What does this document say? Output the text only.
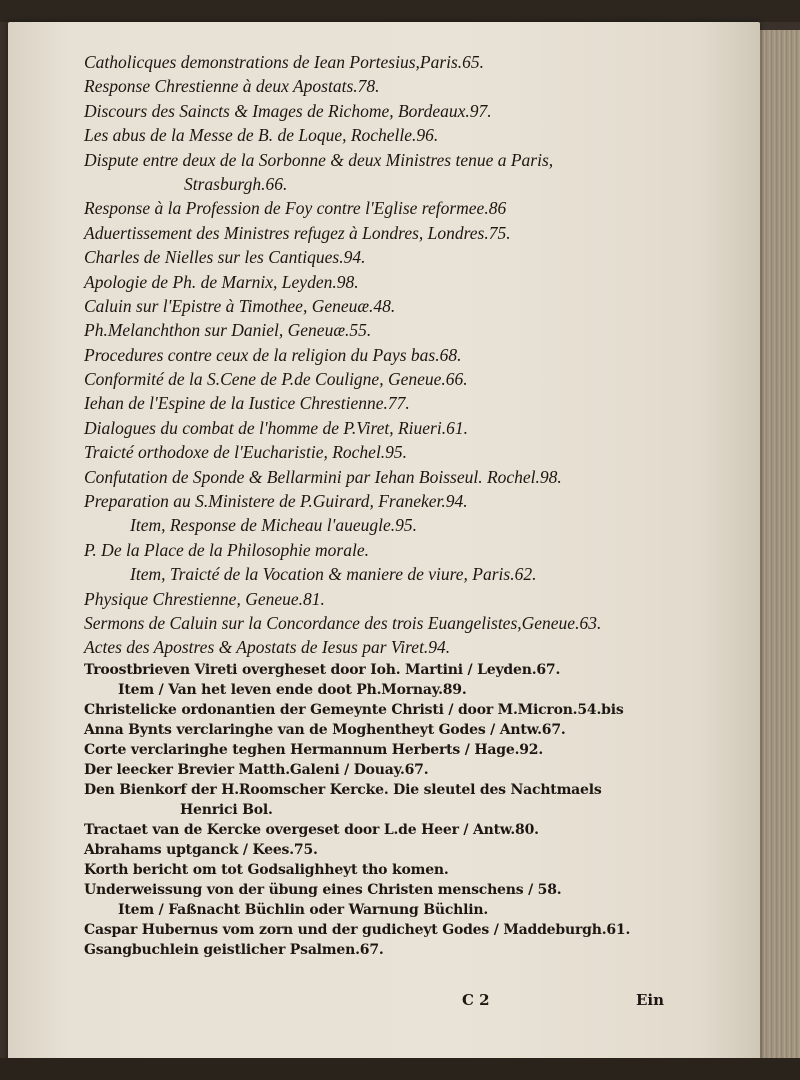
Catholicques demonstrations de Iean Portesius,Paris.65.
Response Chrestienne à deux Apostats.78.
Discours des Saincts & Images de Richome, Bordeaux.97.
Les abus de la Messe de B. de Loque, Rochelle.96.
Dispute entre deux de la Sorbonne & deux Ministres tenue a Paris,
Strasburgh.66.
Response à la Profession de Foy contre l'Eglise reformee.86
Aduertissement des Ministres refugez à Londres, Londres.75.
Charles de Nielles sur les Cantiques.94.
Apologie de Ph. de Marnix, Leyden.98.
Caluin sur l'Epistre à Timothee, Geneuæ.48.
Ph.Melanchthon sur Daniel, Geneuæ.55.
Procedures contre ceux de la religion du Pays bas.68.
Conformité de la S.Cene de P.de Couligne, Geneue.66.
Iehan de l'Espine de la Iustice Chrestienne.77.
Dialogues du combat de l'homme de P.Viret, Riueri.61.
Traicté orthodoxe de l'Eucharistie, Rochel.95.
Confutation de Sponde & Bellarmini par Iehan Boisseul. Rochel.98.
Preparation au S.Ministere de P.Guirard, Franeker.94.
Item, Response de Micheau l'aueugle.95.
P. De la Place de la Philosophie morale.
Item, Traicté de la Vocation & maniere de viure, Paris.62.
Physique Chrestienne, Geneue.81.
Sermons de Caluin sur la Concordance des trois Euangelistes,Geneue.63.
Actes des Apostres & Apostats de Iesus par Viret.94.
Troostbrieven Vireti overgheset door Ioh. Martini / Leyden.67.
Item / Van het leven ende doot Ph.Mornay.89.
Christelicke ordonantien der Gemeynte Christi / door M.Micron.54.bis
Anna Bynts verclaringhe van de Moghentheyt Godes / Antw.67.
Corte verclaringhe teghen Hermannum Herberts / Hage.92.
Der leecker Brevier Matth.Galeni / Douay.67.
Den Bienkorf der H.Roomscher Kercke. Die sleutel des Nachtmaels
Henrici Bol.
Tractaet van de Kercke overgeset door L.de Heer / Antw.80.
Abrahams uptganck / Kees.75.
Korth bericht om tot Godsalighheyt tho komen.
Underweissung von der übung eines Christen menschens / 58.
Item / Faßnacht Büchlin oder Warnung Büchlin.
Caspar Hubernus vom zorn und der gudicheyt Godes / Maddeburgh.61.
Gsangbuchlein geistlicher Psalmen.67.
C 2	Ein
